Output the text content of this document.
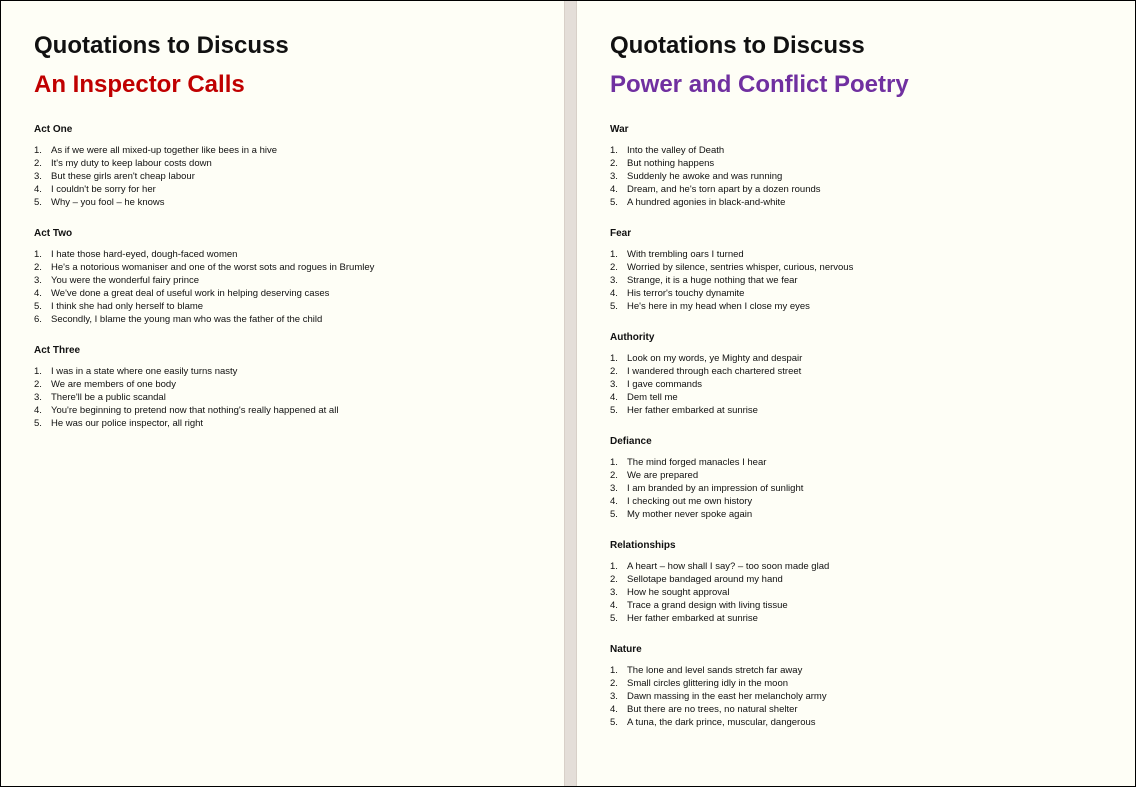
Quotations to Discuss
An Inspector Calls
Act One
1. As if we were all mixed-up together like bees in a hive
2. It's my duty to keep labour costs down
3. But these girls aren't cheap labour
4. I couldn't be sorry for her
5. Why – you fool – he knows
Act Two
1. I hate those hard-eyed, dough-faced women
2. He's a notorious womaniser and one of the worst sots and rogues in Brumley
3. You were the wonderful fairy prince
4. We've done a great deal of useful work in helping deserving cases
5. I think she had only herself to blame
6. Secondly, I blame the young man who was the father of the child
Act Three
1. I was in a state where one easily turns nasty
2. We are members of one body
3. There'll be a public scandal
4. You're beginning to pretend now that nothing's really happened at all
5. He was our police inspector, all right
Quotations to Discuss
Power and Conflict Poetry
War
1. Into the valley of Death
2. But nothing happens
3. Suddenly he awoke and was running
4. Dream, and he's torn apart by a dozen rounds
5. A hundred agonies in black-and-white
Fear
1. With trembling oars I turned
2. Worried by silence, sentries whisper, curious, nervous
3. Strange, it is a huge nothing that we fear
4. His terror's touchy dynamite
5. He's here in my head when I close my eyes
Authority
1. Look on my words, ye Mighty and despair
2. I wandered through each chartered street
3. I gave commands
4. Dem tell me
5. Her father embarked at sunrise
Defiance
1. The mind forged manacles I hear
2. We are prepared
3. I am branded by an impression of sunlight
4. I checking out me own history
5. My mother never spoke again
Relationships
1. A heart – how shall I say? – too soon made glad
2. Sellotape bandaged around my hand
3. How he sought approval
4. Trace a grand design with living tissue
5. Her father embarked at sunrise
Nature
1. The lone and level sands stretch far away
2. Small circles glittering idly in the moon
3. Dawn massing in the east her melancholy army
4. But there are no trees, no natural shelter
5. A tuna, the dark prince, muscular, dangerous
